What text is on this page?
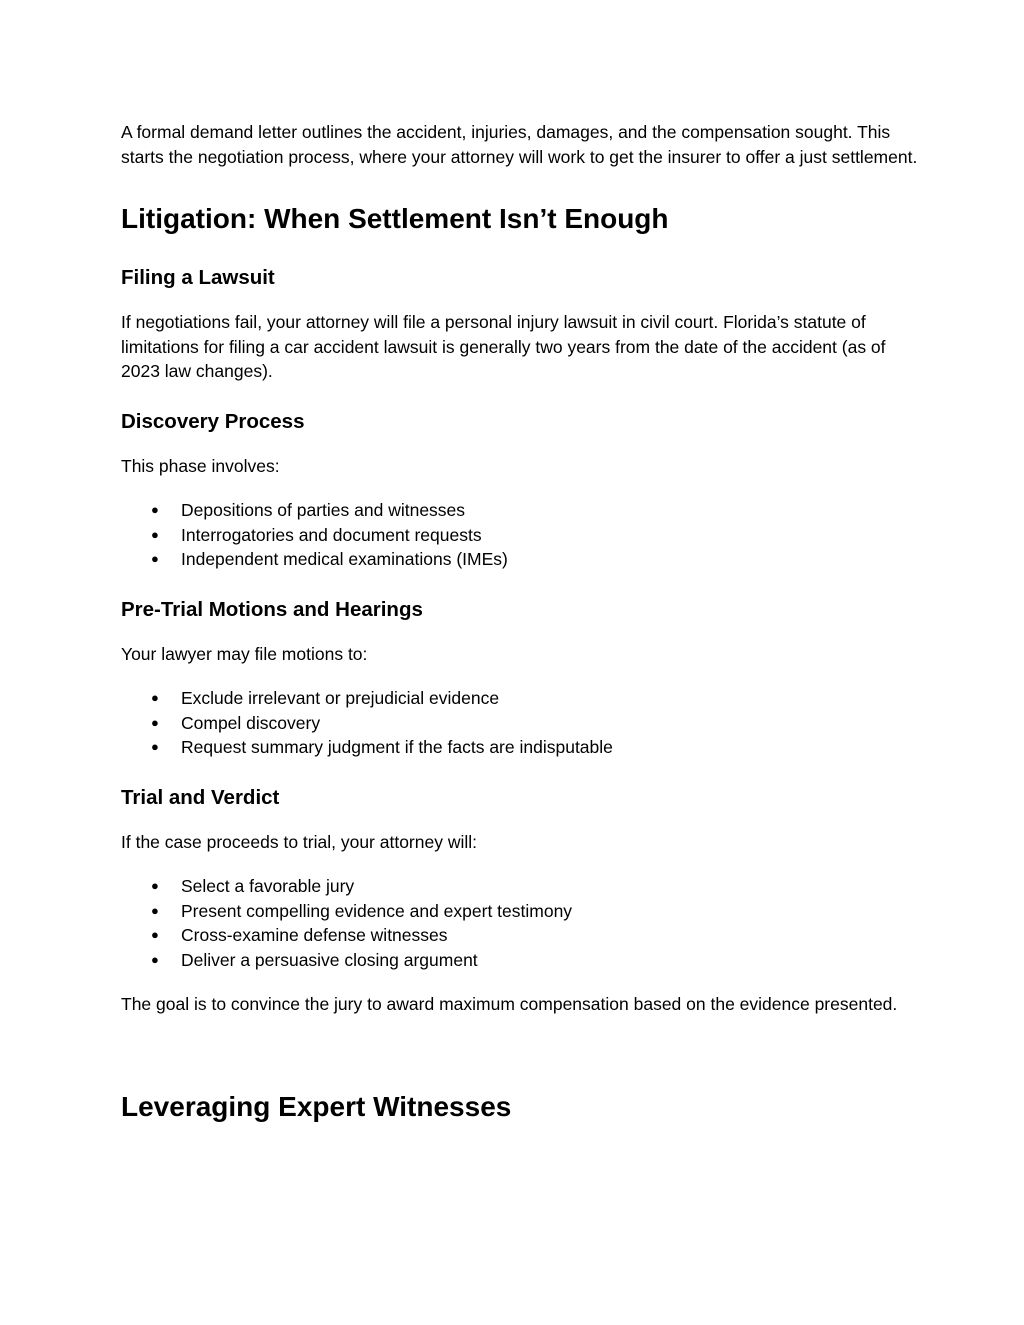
A formal demand letter outlines the accident, injuries, damages, and the compensation sought. This starts the negotiation process, where your attorney will work to get the insurer to offer a just settlement.

Litigation: When Settlement Isn’t Enough
Filing a Lawsuit

If negotiations fail, your attorney will file a personal injury lawsuit in civil court. Florida’s statute of limitations for filing a car accident lawsuit is generally two years from the date of the accident (as of 2023 law changes).

Discovery Process

This phase involves:

● Depositions of parties and witnesses
● Interrogatories and document requests
● Independent medical examinations (IMEs)
Pre-Trial Motions and Hearings

Your lawyer may file motions to:

● Exclude irrelevant or prejudicial evidence
● Compel discovery
● Request summary judgment if the facts are indisputable
Trial and Verdict

If the case proceeds to trial, your attorney will:

● Select a favorable jury
● Present compelling evidence and expert testimony
● Cross-examine defense witnesses
● Deliver a persuasive closing argument

The goal is to convince the jury to award maximum compensation based on the evidence presented.

Leveraging Expert Witnesses
